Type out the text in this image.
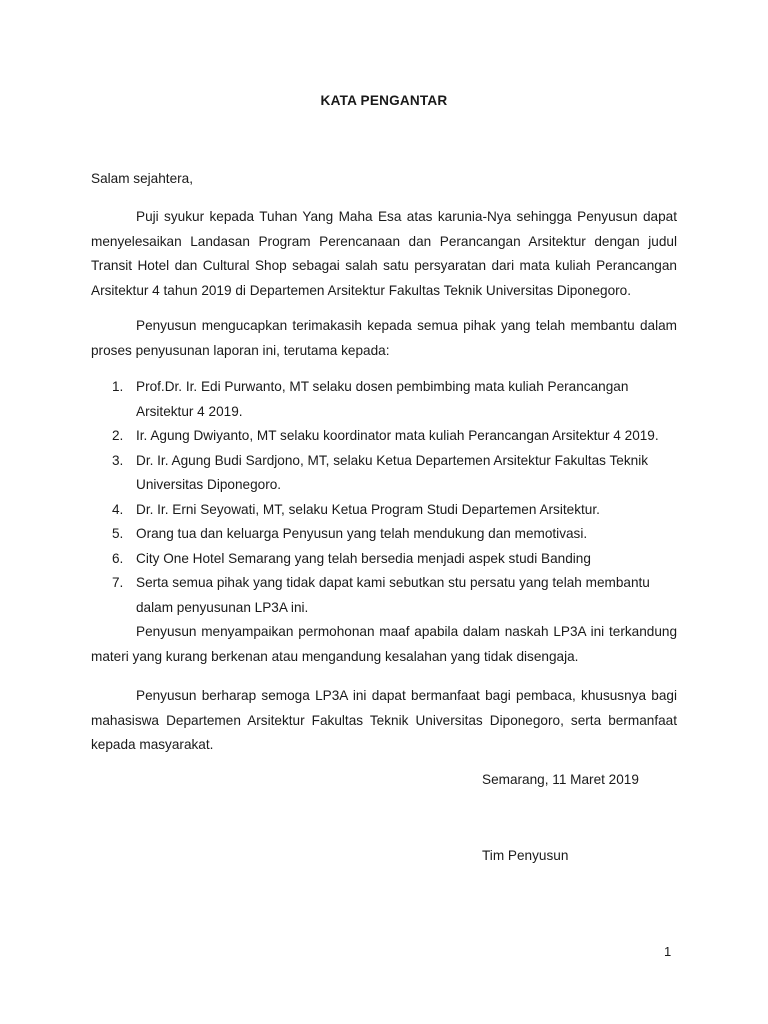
KATA PENGANTAR
Salam sejahtera,

Puji syukur kepada Tuhan Yang Maha Esa atas karunia-Nya sehingga Penyusun dapat menyelesaikan Landasan Program Perencanaan dan Perancangan Arsitektur dengan judul Transit Hotel dan Cultural Shop sebagai salah satu persyaratan dari mata kuliah Perancangan Arsitektur 4 tahun 2019 di Departemen Arsitektur Fakultas Teknik Universitas Diponegoro.

Penyusun mengucapkan terimakasih kepada semua pihak yang telah membantu dalam proses penyusunan laporan ini, terutama kepada:

1. Prof.Dr. Ir. Edi Purwanto, MT selaku dosen pembimbing mata kuliah Perancangan Arsitektur 4 2019.
2. Ir. Agung Dwiyanto, MT selaku koordinator mata kuliah Perancangan Arsitektur 4 2019.
3. Dr. Ir. Agung Budi Sardjono, MT, selaku Ketua Departemen Arsitektur Fakultas Teknik Universitas Diponegoro.
4. Dr. Ir. Erni Seyowati, MT, selaku Ketua Program Studi Departemen Arsitektur.
5. Orang tua dan keluarga Penyusun yang telah mendukung dan memotivasi.
6. City One Hotel Semarang yang telah bersedia menjadi aspek studi Banding
7. Serta semua pihak yang tidak dapat kami sebutkan stu persatu yang telah membantu dalam penyusunan LP3A ini.

Penyusun menyampaikan permohonan maaf apabila dalam naskah LP3A ini terkandung materi yang kurang berkenan atau mengandung kesalahan yang tidak disengaja.

Penyusun berharap semoga LP3A ini dapat bermanfaat bagi pembaca, khususnya bagi mahasiswa Departemen Arsitektur Fakultas Teknik Universitas Diponegoro, serta bermanfaat kepada masyarakat.

Semarang, 11 Maret 2019
Tim Penyusun
1
